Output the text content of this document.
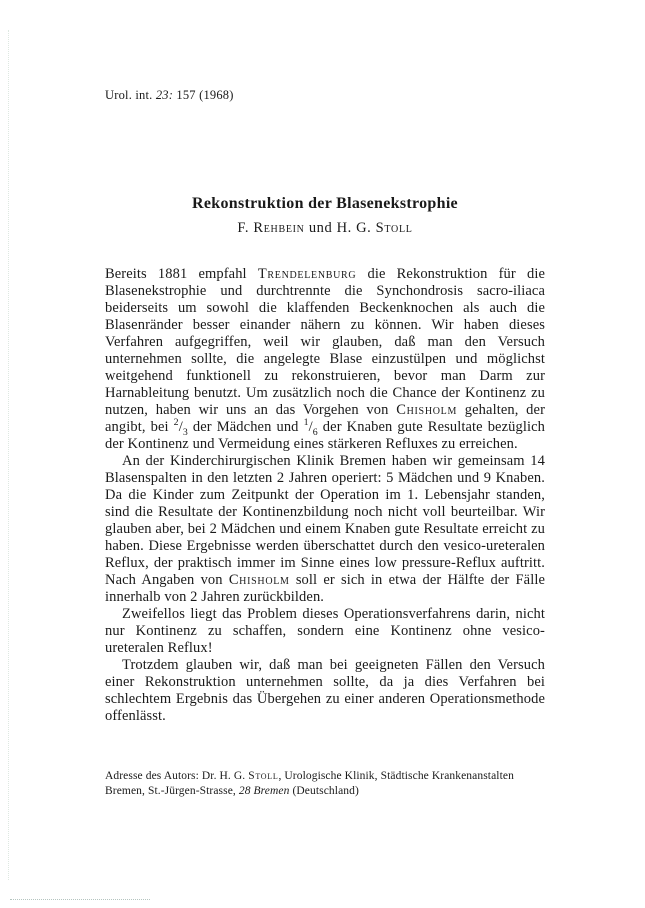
Urol. int. 23: 157 (1968)
Rekonstruktion der Blasenekstrophie
F. Rehbein und H. G. Stoll

Bereits 1881 empfahl Trendelenburg die Rekonstruktion für die Blasenekstrophie und durchtrennte die Synchondrosis sacro-iliaca beiderseits um sowohl die klaffenden Beckenknochen als auch die Blasenränder besser einander nähern zu können. Wir haben dieses Verfahren aufgegriffen, weil wir glauben, daß man den Versuch unternehmen sollte, die angelegte Blase einzustülpen und möglichst weitgehend funktionell zu rekonstruieren, bevor man Darm zur Harnableitung benutzt. Um zusätzlich noch die Chance der Kontinenz zu nutzen, haben wir uns an das Vorgehen von Chisholm gehalten, der angibt, bei $^2/_3$ der Mädchen und $^1/_6$ der Knaben gute Resultate bezüglich der Kontinenz und Vermeidung eines stärkeren Refluxes zu erreichen.

An der Kinderchirurgischen Klinik Bremen haben wir gemeinsam 14 Blasenspalten in den letzten 2 Jahren operiert: 5 Mädchen und 9 Knaben. Da die Kinder zum Zeitpunkt der Operation im 1. Lebensjahr standen, sind die Resultate der Kontinenzbildung noch nicht voll beurteilbar. Wir glauben aber, bei 2 Mädchen und einem Knaben gute Resultate erreicht zu haben. Diese Ergebnisse werden überschattet durch den vesico-ureteralen Reflux, der praktisch immer im Sinne eines low pressure-Reflux auftritt. Nach Angaben von Chisholm soll er sich in etwa der Hälfte der Fälle innerhalb von 2 Jahren zurückbilden.

Zweifellos liegt das Problem dieses Operationsverfahrens darin, nicht nur Kontinenz zu schaffen, sondern eine Kontinenz ohne vesico-ureteralen Reflux!

Trotzdem glauben wir, daß man bei geeigneten Fällen den Versuch einer Rekonstruktion unternehmen sollte, da ja dies Verfahren bei schlechtem Ergebnis das Übergehen zu einer anderen Operationsmethode offenlässt.

Adresse des Autors: Dr. H. G. Stoll, Urologische Klinik, Städtische Krankenanstalten
Bremen, St.-Jürgen-Strasse, 28 Bremen (Deutschland)
